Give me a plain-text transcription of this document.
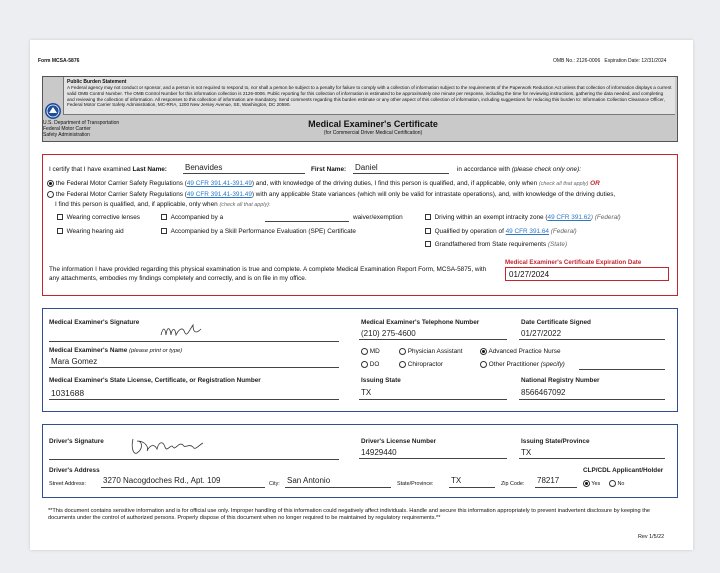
Form MCSA-5876	OMB No.: 2126-0006 Expiration Date: 12/31/2024
Public Burden Statement
A Federal agency may not conduct or sponsor, and a person is not required to respond to, nor shall a person be subject to a penalty for failure to comply with a collection of information subject to the requirements of the Paperwork Reduction Act unless that collection of information displays a current valid OMB Control Number. The OMB Control Number for this information collection is 2126-0006. Public reporting for this collection of information is estimated to be approximately one minute per response, including the time for reviewing instructions, gathering the data needed, and completing and reviewing the collection of information. All responses to this collection of information are mandatory. Send comments regarding this burden estimate or any other aspect of this collection of information, including suggestions for reducing this burden to: Information Collection Clearance Officer, Federal Motor Carrier Safety Administration, MC-RRA, 1200 New Jersey Avenue, SE, Washington, DC 20590.
U.S. Department of Transportation
Federal Motor Carrier
Safety Administration
Medical Examiner's Certificate
(for Commercial Driver Medical Certification)
I certify that I have examined Last Name: Benavides	First Name: Daniel	in accordance with (please check only one):
the Federal Motor Carrier Safety Regulations (49 CFR 391.41-391.49) and, with knowledge of the driving duties, I find this person is qualified, and, if applicable, only when (check all that apply) OR
the Federal Motor Carrier Safety Regulations (49 CFR 391.41-391.49) with any applicable State variances (which will only be valid for intrastate operations), and, with knowledge of the driving duties,
I find this person is qualified, and, if applicable, only when (check all that apply):
Wearing corrective lenses	Accompanied by a	waiver/exemption	Driving within an exempt intracity zone (49 CFR 391.62) (Federal)
Wearing hearing aid	Accompanied by a Skill Performance Evaluation (SPE) Certificate	Qualified by operation of 49 CFR 391.64 (Federal)
Grandfathered from State requirements (State)
The information I have provided regarding this physical examination is true and complete. A complete Medical Examination Report Form, MCSA-5875, with any attachments, embodies my findings completely and correctly, and is on file in my office.
Medical Examiner's Certificate Expiration Date
01/27/2024
Medical Examiner's Signature	Medical Examiner's Telephone Number
(210) 275-4600
Date Certificate Signed
01/27/2022
Medical Examiner's Name (please print or type)
Mara Gomez
MD	Physician Assistant	Advanced Practice Nurse
DO	Chiropractor	Other Practitioner (specify)
Medical Examiner's State License, Certificate, or Registration Number
1031688
Issuing State
TX
National Registry Number
8566467092
Driver's Signature	Driver's License Number
14929440
Issuing State/Province
TX
Driver's Address
Street Address: 3270 Nacogdoches Rd., Apt. 109	City: San Antonio	State/Province: TX	Zip Code: 78217
CLP/CDL Applicant/Holder
Yes	No
**This document contains sensitive information and is for official use only. Improper handling of this information could negatively affect individuals. Handle and secure this information appropriately to prevent inadvertent disclosure by keeping the documents under the control of authorized persons. Properly dispose of this document when no longer required to be maintained by regulatory requirements.**
Rev 1/5/22
